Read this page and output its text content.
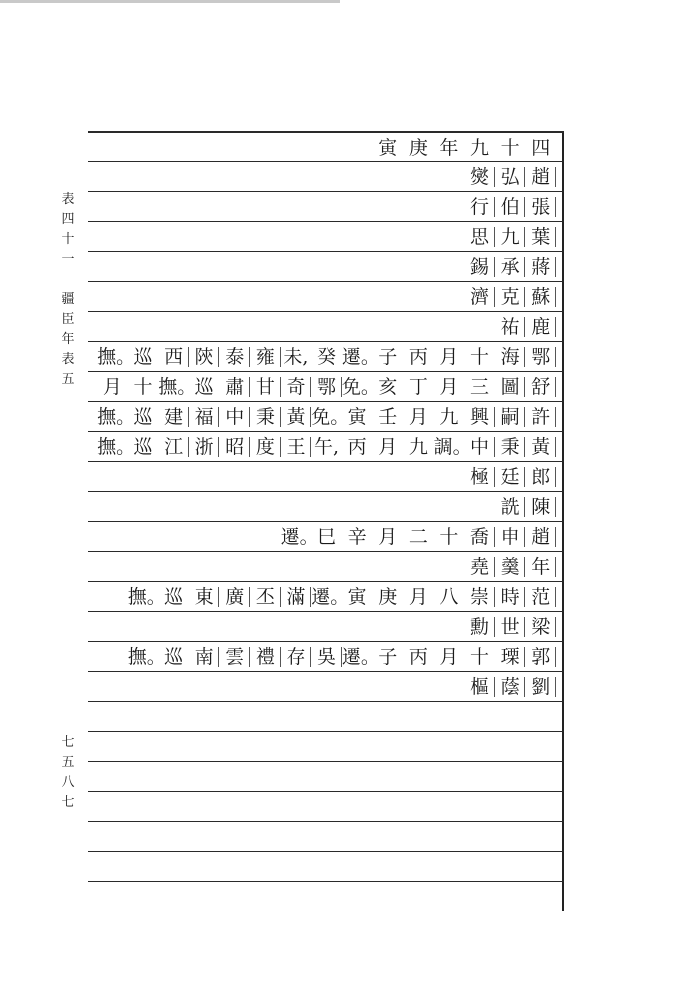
表
四
十
一
疆
臣
年
表
五
七
五
八
七
四
十
九
年
庚
寅
趙
弘
爕
張
伯
行
葉
九
思
蔣
承
錫
蘇
克
濟
鹿
祐
鄂
海
十
月
丙
子
遷。
癸
未,
雍
泰
陝
西
巡
撫。
舒
圖
三
月
丁
亥
免。
鄂
奇
甘
肅
巡
撫。
十
月
許
嗣
興
九
月
壬
寅
免。
黃
秉
中
福
建
巡
撫。
黃
秉
中
調。
九
月
丙
午,
王
度
昭
浙
江
巡
撫。
郎
廷
極
陳
詵
趙
申
喬
十
二
月
辛
巳
遷。
年
羹
堯
范
時
崇
八
月
庚
寅
遷。
滿
丕
廣
東
巡
撫。
梁
世
勳
郭
瑮
十
月
丙
子
遷。
吳
存
禮
雲
南
巡
撫。
劉
蔭
樞
